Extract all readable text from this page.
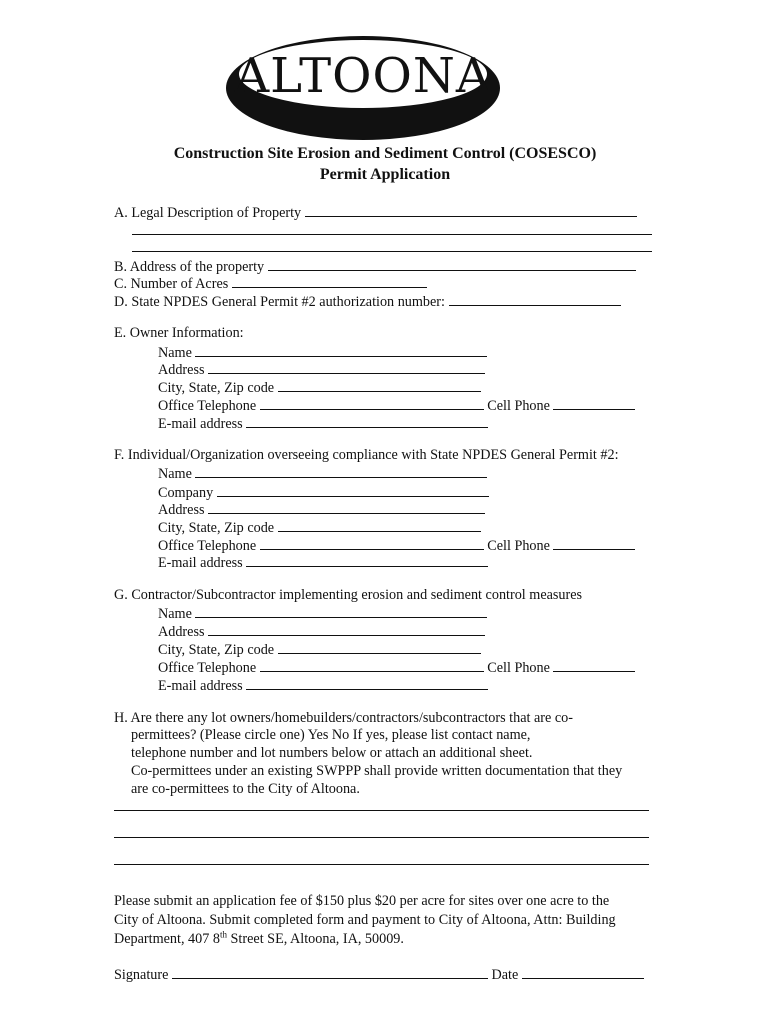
ALTOONA
Construction Site Erosion and Sediment Control (COSESCO)
Permit Application
A. Legal Description of Property
B. Address of the property
C. Number of Acres
D. State NPDES General Permit #2 authorization number:
E. Owner Information:
Name
Address
City, State, Zip code
Office Telephone	Cell Phone
E-mail address
F. Individual/Organization overseeing compliance with State NPDES General Permit #2:
Name
Company
Address
City, State, Zip code
Office Telephone	Cell Phone
E-mail address
G. Contractor/Subcontractor implementing erosion and sediment control measures
Name
Address
City, State, Zip code
Office Telephone	Cell Phone
E-mail address
H. Are there any lot owners/homebuilders/contractors/subcontractors that are co-
permittees? (Please circle one) Yes No If yes, please list contact name,
telephone number and lot numbers below or attach an additional sheet.
Co-permittees under an existing SWPPP shall provide written documentation that they
are co-permittees to the City of Altoona.
Please submit an application fee of $150 plus $20 per acre for sites over one acre to the
City of Altoona. Submit completed form and payment to City of Altoona, Attn: Building
Department, 407 8th Street SE, Altoona, IA, 50009.
Signature	Date
